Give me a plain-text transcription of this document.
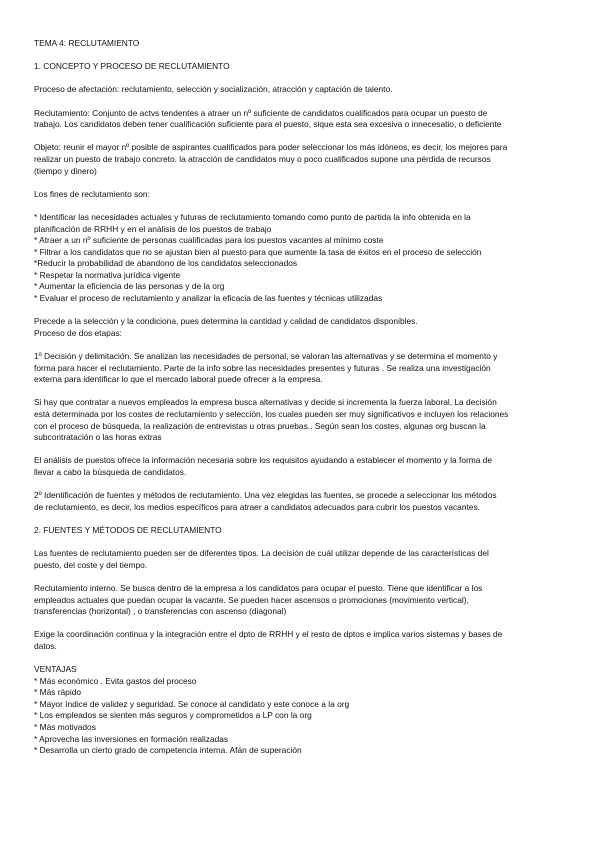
TEMA 4: RECLUTAMIENTO
1. CONCEPTO Y PROCESO DE RECLUTAMIENTO
Proceso de afectación: reclutamiento, selección y socialización, atracción y captación de talento.
Reclutamiento: Conjunto de actvs tendentes a atraer un nº suficiente de candidatos cualificados para ocupar un puesto de
trabajo. Los candidatos deben tener cualificación suficiente para el puesto, sique esta sea excesiva o innecesatio, o deficiente
Objeto: reunir el mayor nº posible de aspirantes cualificados para poder seleccionar los más idóneos, es decir, los mejores para
realizar un puesto de trabajo concreto. la atracción de candidatos muy o poco cualificados supone una pérdida de recursos
(tiempo y dinero)
Los fines de reclutamiento son:
* Identificar las necesidades actuales y futuras de reclutamiento tomando como punto de partida la info obtenida en la
planificación de RRHH y en el análisis de los puestos de trabajo
* Atraer a un nº suficiente de personas cualificadas para los puestos vacantes al mínimo coste
* Filtrar a los candidatos que no se ajustan bien al puesto para que aumente la tasa de éxitos en el proceso de selección
*Reducir la probabilidad de abandono de los candidatos seleccionados
* Respetar la normativa jurídica vigente
* Aumentar la eficiencia de las personas y de la org
* Evaluar el proceso de reclutamiento y analizar la eficacia de las fuentes y técnicas utilizadas
Precede a la selección y la condiciona, pues determina la cantidad y calidad de candidatos disponibles.
Proceso de dos etapas:
1º Decisión y delimitación. Se analizan las necesidades de personal, se valoran las alternativas y se determina el momento y
forma para hacer el reclutamiento. Parte de la info sobre las necesidades presentes y futuras . Se realiza una investigación
externa para identificar lo que el mercado laboral puede ofrecer a la empresa.
Si hay que contratar a nuevos empleados la empresa busca alternativas y decide si incrementa la fuerza laboral, La decisión
está determinada por los costes de reclutamiento y selección, los cuales pueden ser muy significativos e incluyen los relaciones
con el proceso de búsqueda, la realización de entrevistas u otras pruebas.. Según sean los costes, algunas org buscan la
subcontratación o las horas extras
El análisis de puestos ofrece la información necesaria sobre los requisitos ayudando a establecer el momento y la forma de
llevar a cabo la búsqueda de candidatos.
2º Identificación de fuentes y métodos de reclutamiento. Una vez elegidas las fuentes, se procede a seleccionar los métodos
de reclutamiento, es decir, los medios específicos para atraer a candidatos adecuados para cubrir los puestos vacantes.
2. FUENTES Y MÉTODOS DE RECLUTAMIENTO
Las fuentes de reclutamiento pueden ser de diferentes tipos. La decisión de cuál utilizar depende de las características del
puesto, del coste y del tiempo.
Reclutamiento interno. Se busca dentro de la empresa a los candidatos para ocupar el puesto. Tiene que identificar a los
empleados actuales que puedan ocupar la vacante. Se pueden hacer ascensos o promociones (movimiento vertical),
transferencias (horizontal) , o transferencias con ascenso (diagonal)
Exige la coordinación continua y la integración entre el dpto de RRHH y el resto de dptos e implica varios sistemas y bases de
datos.
VENTAJAS
* Más económico . Evita gastos del proceso
* Más rápido
* Mayor índice de validez y seguridad. Se conoce al candidato y este conoce a la org
* Los empleados se sienten más seguros y comprometidos a LP con la org
* Más motivados
* Aprovecha las inversiones en formación realizadas
* Desarrolla un cierto grado de competencia interna. Afán de superación
